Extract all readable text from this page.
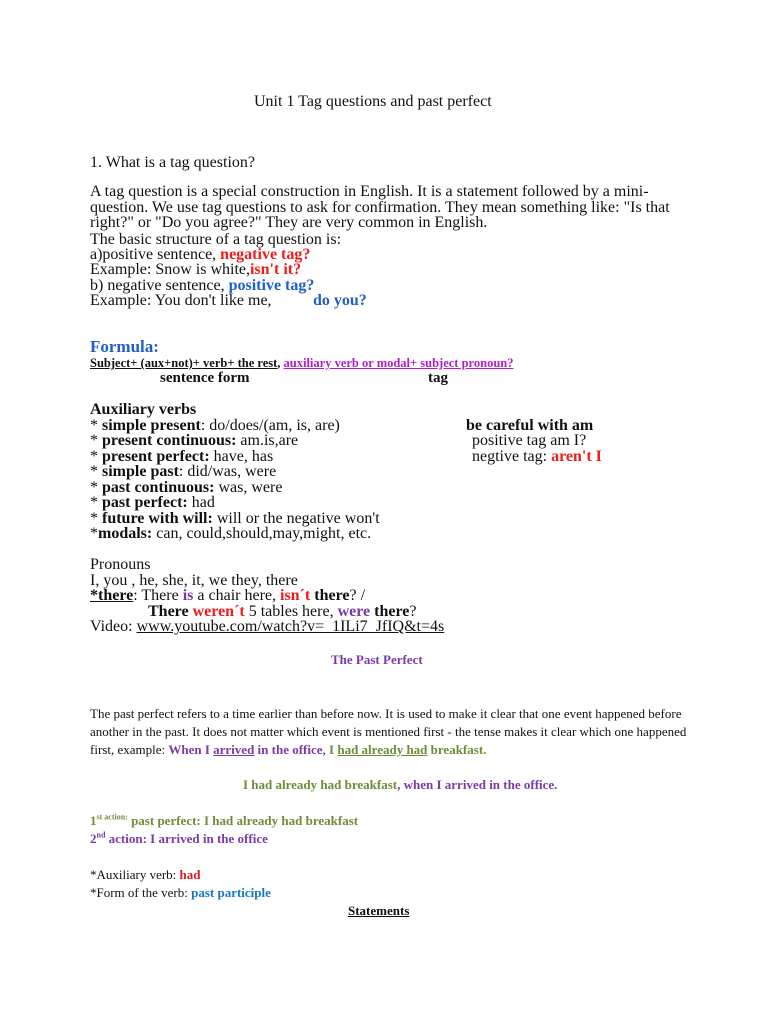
Unit 1 Tag questions and past perfect
1. What is a tag question?
A tag question is a special construction in English. It is a statement followed by a mini-question. We use tag questions to ask for confirmation. They mean something like: "Is that right?" or "Do you agree?" They are very common in English.
The basic structure of a tag question is:
a)positive sentence, negative tag?
Example: Snow is white,isn't it?
b) negative sentence, positive tag?
Example: You don't like me,	do you?
Formula:
Subject+ (aux+not)+ verb+ the rest, auxiliary verb or modal+ subject pronoun?
sentence form	tag
Auxiliary verbs
* simple present: do/does/(am, is, are)
* present continuous: am.is,are
* present perfect: have, has
* simple past: did/was, were
* past continuous: was, were
* past perfect: had
* future with will: will or the negative won't
*modals: can, could,should,may,might, etc.
be careful with am
positive tag am I?
negtive tag: aren't I
Pronouns
I, you , he, she, it, we they, there
*there: There is a chair here, isn´t there? /
There weren´t 5 tables here, were there?
Video: www.youtube.com/watch?v=_1ILi7_JfIQ&t=4s
The Past Perfect
The past perfect refers to a time earlier than before now. It is used to make it clear that one event happened before another in the past. It does not matter which event is mentioned first - the tense makes it clear which one happened first, example: When I arrived in the office, I had already had breakfast.
I had already had breakfast, when I arrived in the office.
$1^{st action:}$ past perfect: I had already had breakfast
2nd action: I arrived in the office
*Auxiliary verb: had
*Form of the verb: past participle
Statements
